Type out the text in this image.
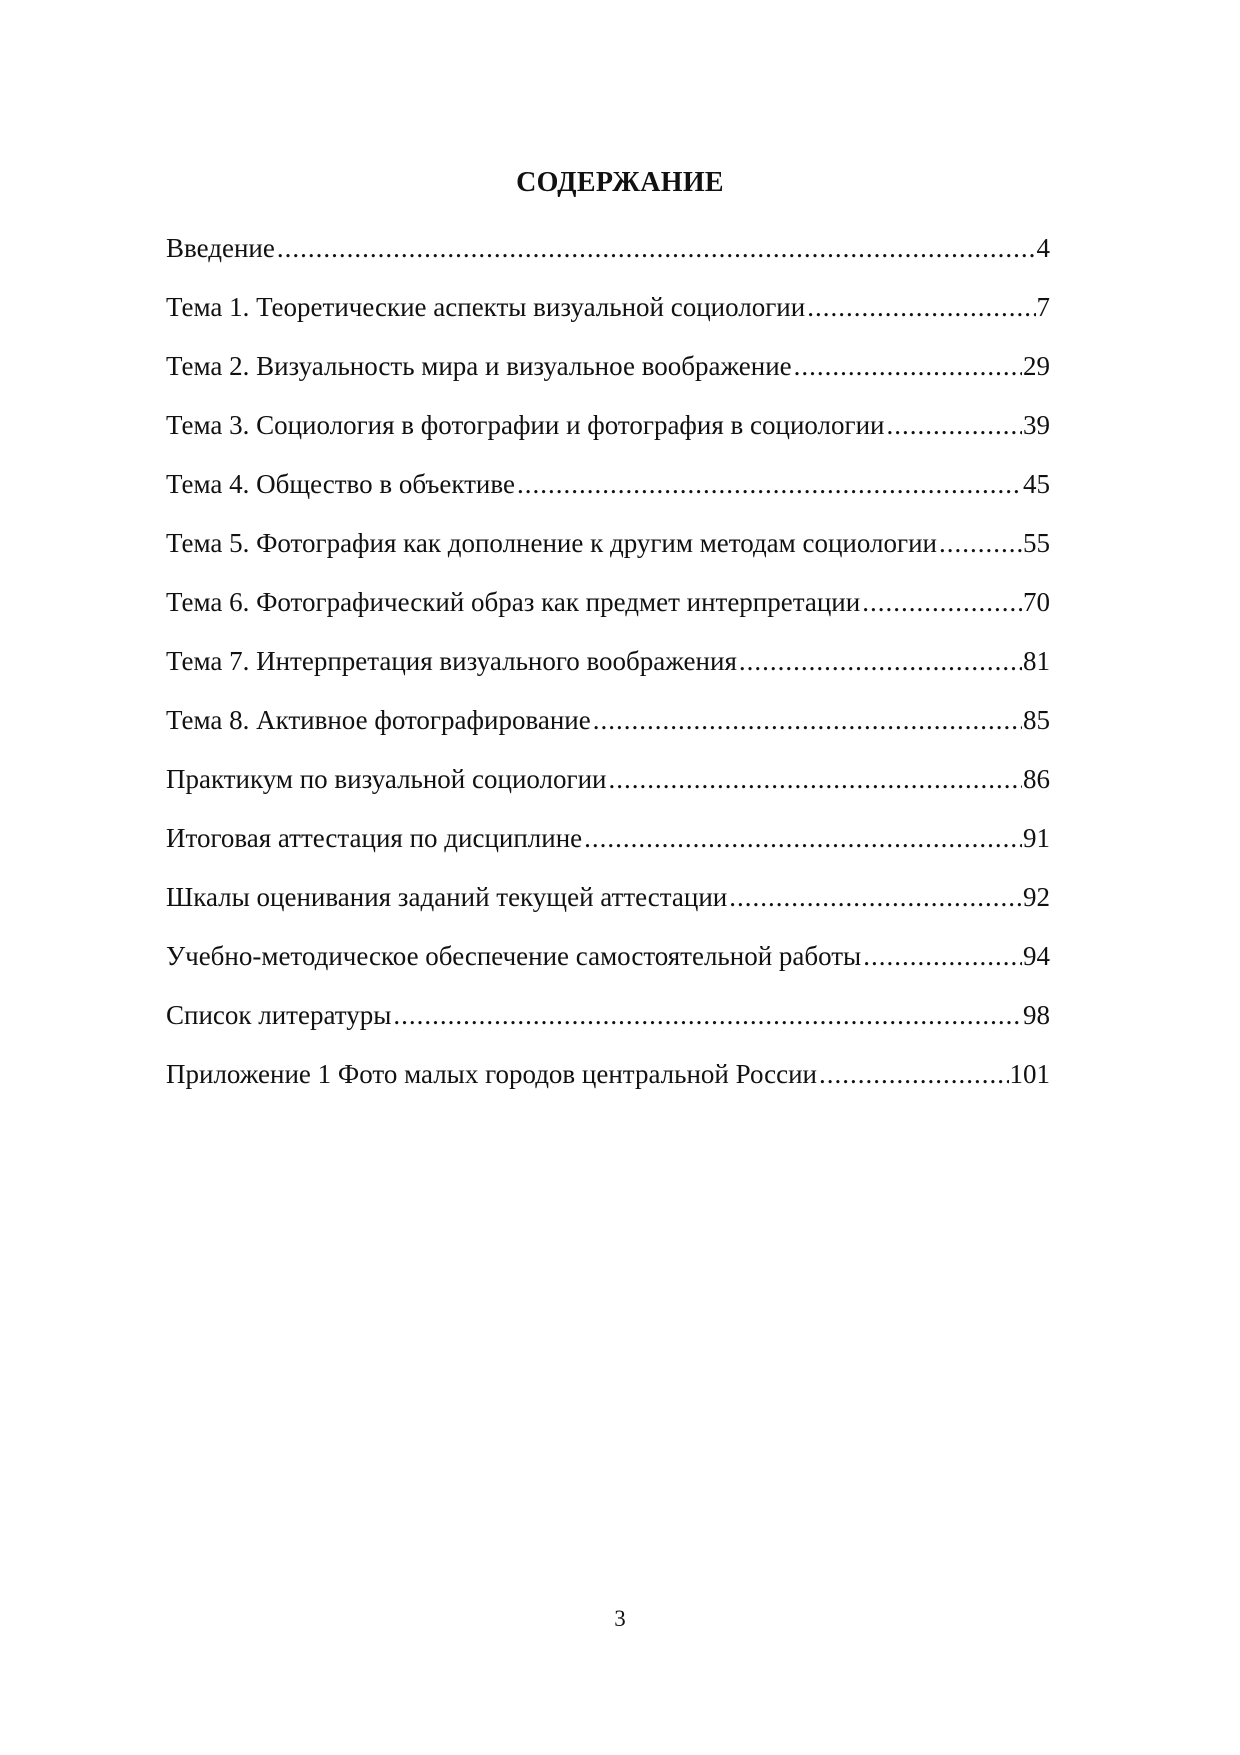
СОДЕРЖАНИЕ
Введение .....	4
Тема 1. Теоретические аспекты визуальной социологии .....	7
Тема 2. Визуальность мира и визуальное воображение .....	29
Тема 3. Социология в фотографии и фотография в социологии .....	39
Тема 4. Общество в объективе .....	45
Тема 5. Фотография как дополнение к другим методам социологии .....	55
Тема 6. Фотографический образ как предмет интерпретации .....	70
Тема 7. Интерпретация визуального воображения .....	81
Тема 8. Активное фотографирование .....	85
Практикум по визуальной социологии .....	86
Итоговая аттестация по дисциплине .....	91
Шкалы оценивания заданий текущей аттестации .....	92
Учебно-методическое обеспечение самостоятельной работы .....	94
Список литературы .....	98
Приложение 1 Фото малых городов центральной России .....	101
3
